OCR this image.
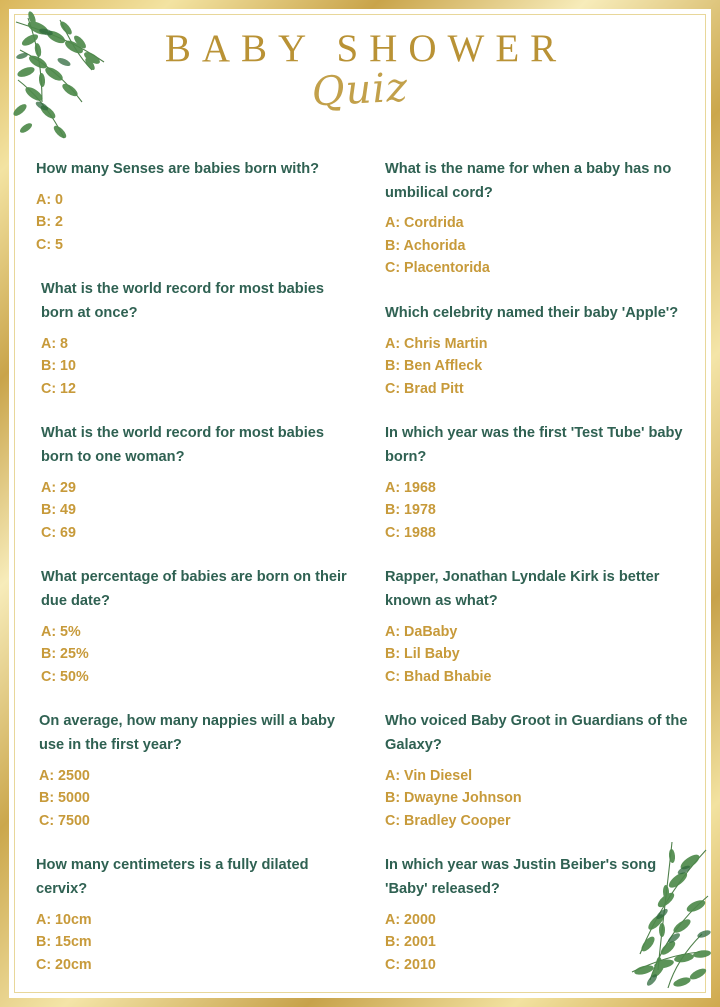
BABY SHOWER
Quiz
How many Senses are babies born with?
A: 0
B: 2
C: 5
What is the world record for most babies born at once?
A: 8
B: 10
C: 12
What is the world record for most babies born to one woman?
A: 29
B: 49
C: 69
What percentage of babies are born on their due date?
A: 5%
B: 25%
C: 50%
On average, how many nappies will a baby use in the first year?
A: 2500
B: 5000
C: 7500
How many centimeters is a fully dilated cervix?
A: 10cm
B: 15cm
C: 20cm
What is the name for when a baby has no umbilical cord?
A: Cordrida
B: Achorida
C: Placentorida
Which celebrity named their baby 'Apple'?
A: Chris Martin
B: Ben Affleck
C: Brad Pitt
In which year was the first 'Test Tube' baby born?
A: 1968
B: 1978
C: 1988
Rapper, Jonathan Lyndale Kirk is better known as what?
A: DaBaby
B: Lil Baby
C: Bhad Bhabie
Who voiced Baby Groot in Guardians of the Galaxy?
A: Vin Diesel
B: Dwayne Johnson
C: Bradley Cooper
In which year was Justin Beiber's song 'Baby' released?
A: 2000
B: 2001
C: 2010
